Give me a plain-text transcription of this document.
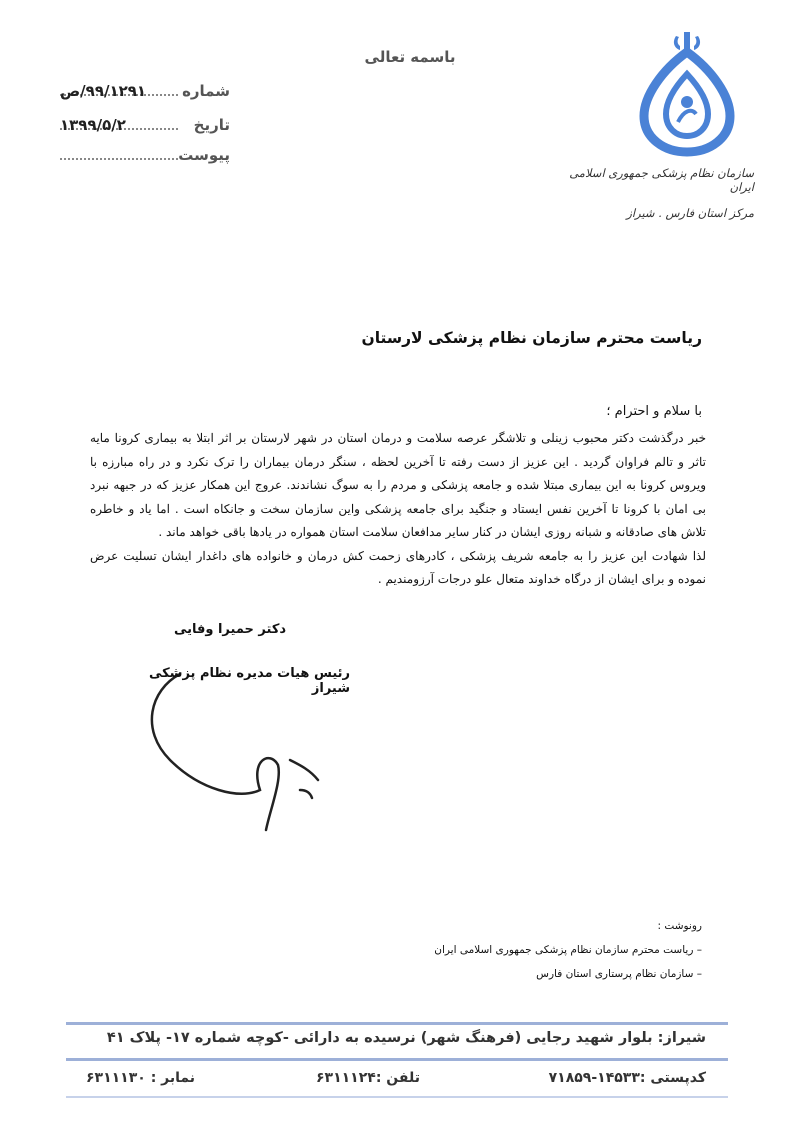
باسمه تعالی
شماره
۹۹/۱۲۹۱/ص
تاریخ
۱۳۹۹/۵/۲
پیوست
سازمان نظام پزشکی جمهوری اسلامی ایران
مرکز استان فارس . شیراز
ریاست محترم سازمان نظام پزشکی لارستان
با سلام و احترام ؛

خبر درگذشت دکتر محبوب زینلی و تلاشگر عرصه سلامت و درمان استان در شهر لارستان بر اثر ابتلا به بیماری کرونا مایه تاثر و تالم فراوان گردید . این عزیز از دست رفته تا آخرین لحظه ، سنگر درمان بیماران را ترک نکرد و در راه مبارزه با ویروس کرونا به این بیماری مبتلا شده و جامعه پزشکی و مردم را به سوگ نشاندند. عروج این همکار عزیز که در جبهه نبرد بی امان با کرونا تا آخرین نفس ایستاد و جنگید برای جامعه پزشکی واین سازمان سخت و جانکاه است . اما یاد و خاطره تلاش های صادقانه و شبانه روزی ایشان در کنار سایر مدافعان سلامت استان همواره در یادها باقی خواهد ماند .

لذا شهادت این عزیز را به جامعه شریف پزشکی ، کادرهای زحمت کش درمان و خانواده های داغدار ایشان تسلیت عرض نموده و برای ایشان از درگاه خداوند متعال علو درجات آرزومندیم .

دکتر حمیرا وفایی
رئیس هیات مدیره نظام پزشکی شیراز
رونوشت :
– ریاست محترم سازمان نظام پزشکی جمهوری اسلامی ایران
– سازمان نظام پرستاری استان فارس
شیراز: بلوار شهید رجایی (فرهنگ شهر) نرسیده به دارائی -کوچه شماره ۱۷- پلاک ۴۱
کدپستی :۱۴۵۳۳-۷۱۸۵۹
تلفن :۶۳۱۱۱۲۴
نمابر : ۶۳۱۱۱۳۰
